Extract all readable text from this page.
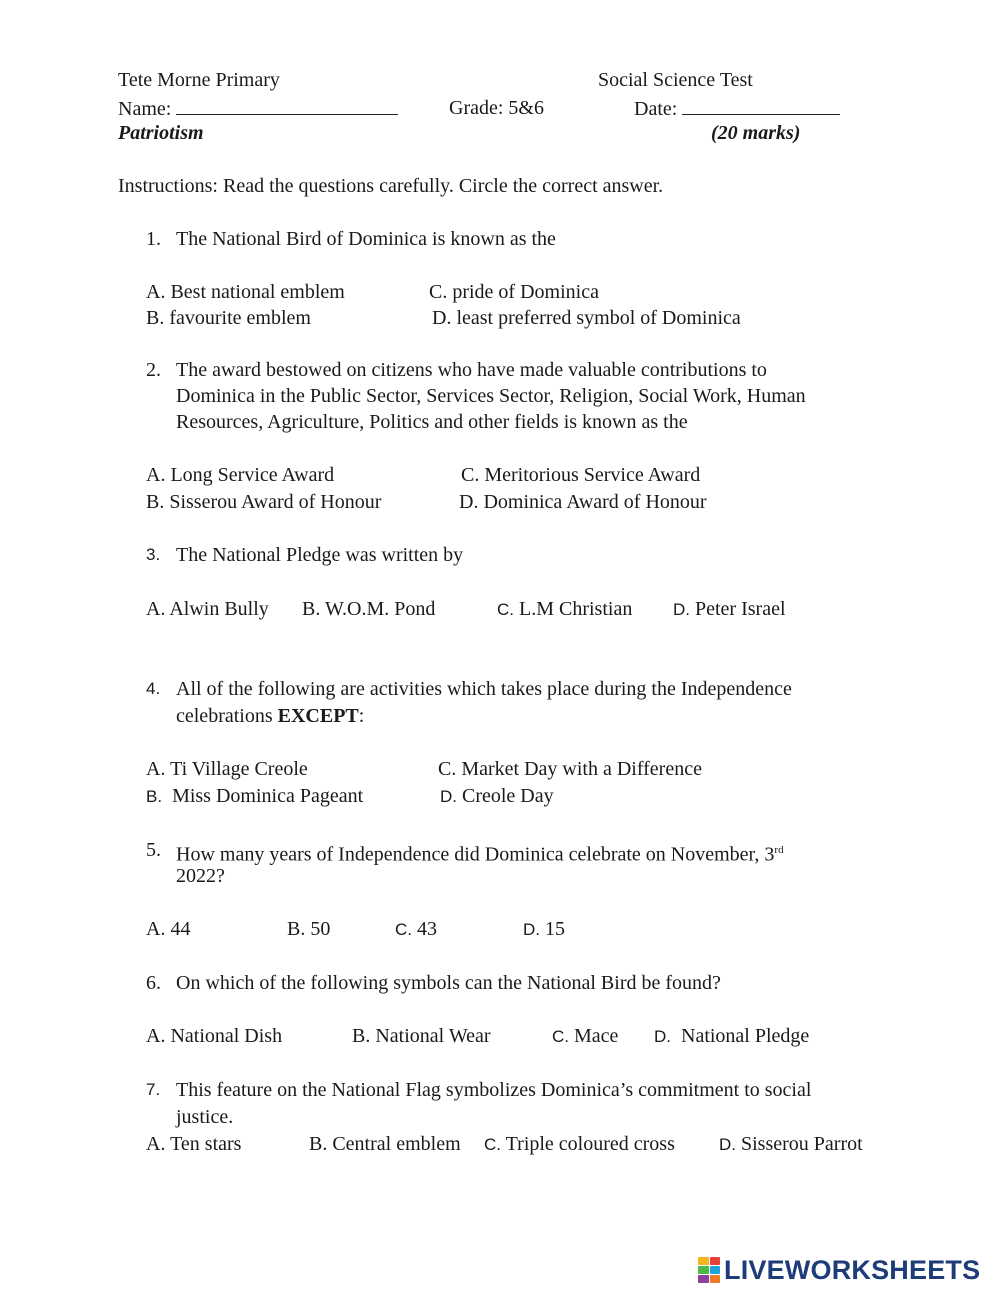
Tete Morne Primary	Social Science Test
Name:	Grade: 5&6	Date:
Patriotism	(20 marks)
Instructions: Read the questions carefully. Circle the correct answer.
1. The National Bird of Dominica is known as the
A. Best national emblem	C. pride of Dominica
B. favourite emblem	D. least preferred symbol of Dominica
2. The award bestowed on citizens who have made valuable contributions to
Dominica in the Public Sector, Services Sector, Religion, Social Work, Human
Resources, Agriculture, Politics and other fields is known as the
A. Long Service Award	C. Meritorious Service Award
B. Sisserou Award of Honour	D. Dominica Award of Honour
3. The National Pledge was written by
A. Alwin Bully B. W.O.M. Pond	C. L.M Christian D. Peter Israel
4. All of the following are activities which takes place during the Independence
celebrations EXCEPT:
A. Ti Village Creole	C. Market Day with a Difference
B.  Miss Dominica Pageant	D. Creole Day
5. How many years of Independence did Dominica celebrate on November, 3rd
2022?
A. 44	B. 50	C. 43	D. 15
6. On which of the following symbols can the National Bird be found?
A. National Dish	B. National Wear	C. Mace D.  National Pledge
7. This feature on the National Flag symbolizes Dominica’s commitment to social
justice.
A. Ten stars	B. Central emblem C. Triple coloured cross	D. Sisserou Parrot
LIVEWORKSHEETS
